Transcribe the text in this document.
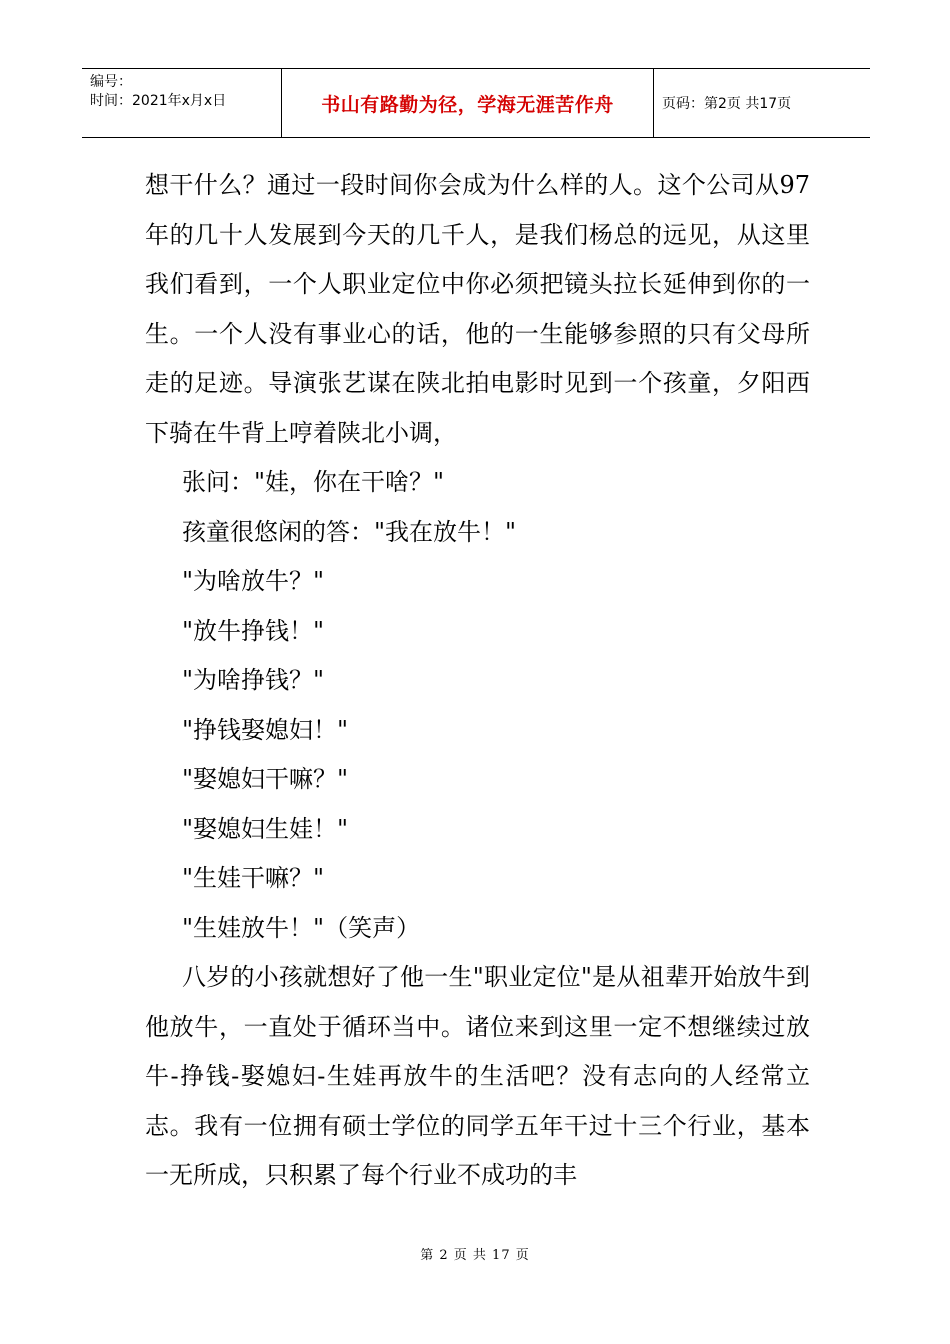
编号：
时间：2021年x月x日	书山有路勤为径，学海无涯苦作舟	页码：第2页 共17页

想干什么？通过一段时间你会成为什么样的人。这个公司从97年的几十人发展到今天的几千人，是我们杨总的远见，从这里我们看到，一个人职业定位中你必须把镜头拉长延伸到你的一生。一个人没有事业心的话，他的一生能够参照的只有父母所走的足迹。导演张艺谋在陕北拍电影时见到一个孩童，夕阳西下骑在牛背上哼着陕北小调，

张问："娃，你在干啥？"

孩童很悠闲的答："我在放牛！"

"为啥放牛？"

"放牛挣钱！"

"为啥挣钱？"

"挣钱娶媳妇！"

"娶媳妇干嘛？"

"娶媳妇生娃！"

"生娃干嘛？"

"生娃放牛！"（笑声）

八岁的小孩就想好了他一生"职业定位"是从祖辈开始放牛到他放牛，一直处于循环当中。诸位来到这里一定不想继续过放牛-挣钱-娶媳妇-生娃再放牛的生活吧？没有志向的人经常立志。我有一位拥有硕士学位的同学五年干过十三个行业，基本一无所成，只积累了每个行业不成功的丰

第 2 页 共 17 页
